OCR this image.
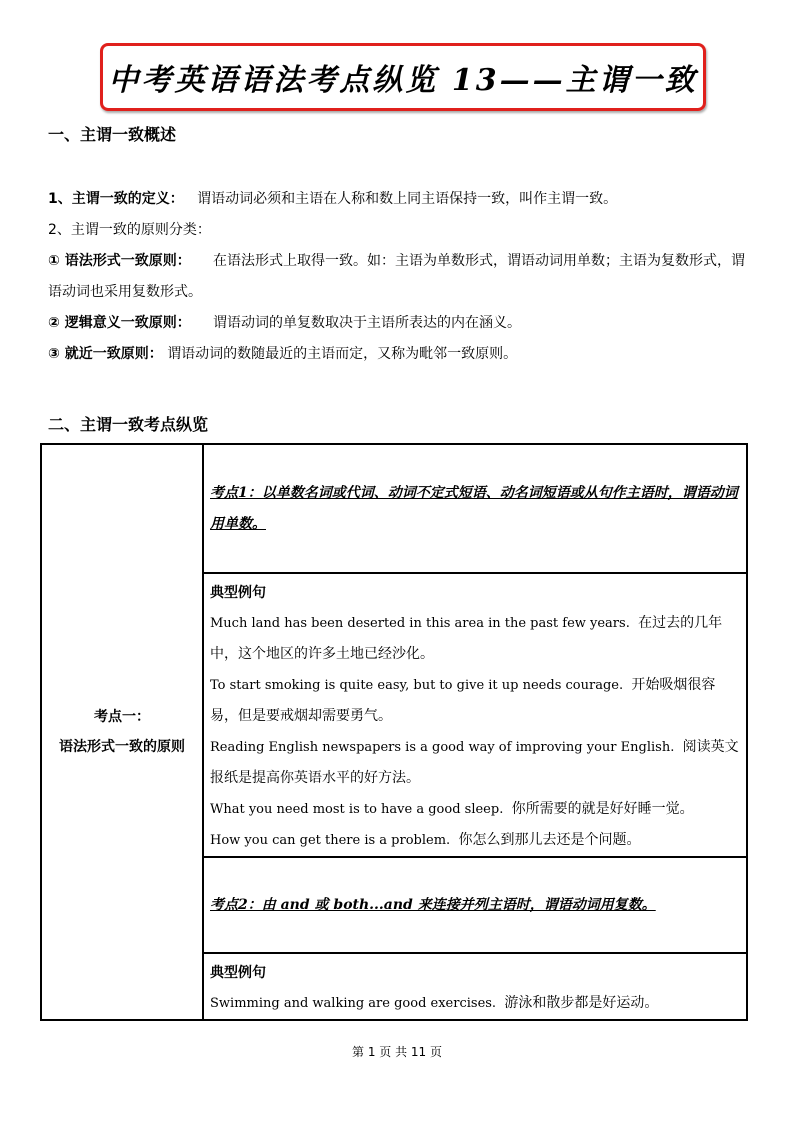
中考英语语法考点纵览 13——主谓一致
一、主谓一致概述
1、主谓一致的定义： 谓语动词必须和主语在人称和数上同主语保持一致，叫作主谓一致。
2、主谓一致的原则分类：
① 语法形式一致原则： 在语法形式上取得一致。如：主语为单数形式，谓语动词用单数；主语为复数形式，谓语动词也采用复数形式。
② 逻辑意义一致原则： 谓语动词的单复数取决于主语所表达的内在涵义。
③ 就近一致原则： 谓语动词的数随最近的主语而定，又称为毗邻一致原则。
二、主谓一致考点纵览
考点一：
语法形式一致的原则

考点1：以单数名词或代词、动词不定式短语、动名词短语或从句作主语时，谓语动词用单数。

典型例句
Much land has been deserted in this area in the past few years. 在过去的几年中，这个地区的许多土地已经沙化。
To start smoking is quite easy, but to give it up needs courage. 开始吸烟很容易，但是要戒烟却需要勇气。
Reading English newspapers is a good way of improving your English. 阅读英文报纸是提高你英语水平的好方法。
What you need most is to have a good sleep. 你所需要的就是好好睡一觉。
How you can get there is a problem. 你怎么到那儿去还是个问题。

考点2：由 and 或 both...and 来连接并列主语时，谓语动词用复数。

典型例句
Swimming and walking are good exercises. 游泳和散步都是好运动。
第 1 页 共 11 页
